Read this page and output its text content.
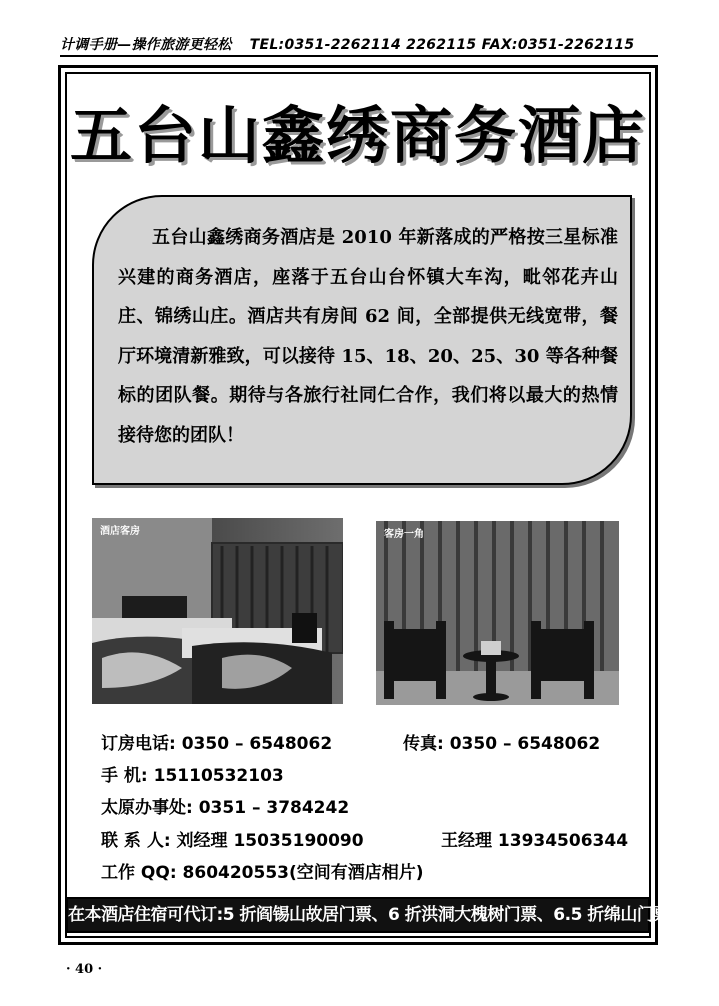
计调手册—操作旅游更轻松 TEL:0351-2262114 2262115 FAX:0351-2262115
五台山鑫绣商务酒店
五台山鑫绣商务酒店是 2010 年新落成的严格按三星标准兴建的商务酒店，座落于五台山台怀镇大车沟，毗邻花卉山庄、锦绣山庄。酒店共有房间 62 间，全部提供无线宽带，餐厅环境清新雅致，可以接待 15、18、20、25、30 等各种餐标的团队餐。期待与各旅行社同仁合作，我们将以最大的热情接待您的团队！
酒店客房	客房一角
订房电话: 0350 – 6548062	传真: 0350 – 6548062
手 机: 15110532103
太原办事处: 0351 – 3784242
联 系 人: 刘经理 15035190090	王经理 13934506344
工作 QQ: 860420553(空间有酒店相片)
在本酒店住宿可代订:5 折阎锡山故居门票、6 折洪洞大槐树门票、6.5 折绵山门票!
· 40 ·
